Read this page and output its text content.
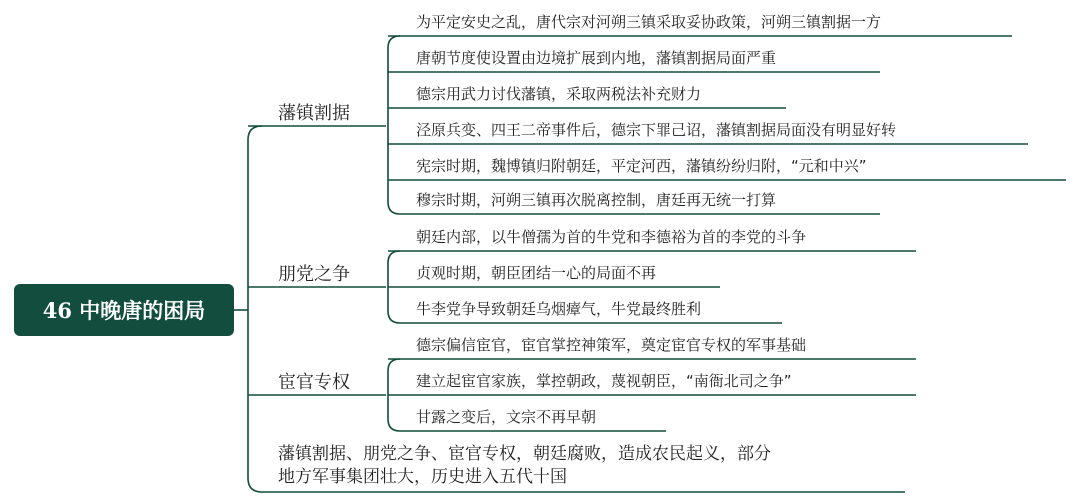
46 中晚唐的困局
藩镇割据
为平定安史之乱，唐代宗对河朔三镇采取妥协政策，河朔三镇割据一方
唐朝节度使设置由边境扩展到内地，藩镇割据局面严重
德宗用武力讨伐藩镇，采取两税法补充财力
泾原兵变、四王二帝事件后，德宗下罪己诏，藩镇割据局面没有明显好转
宪宗时期，魏博镇归附朝廷，平定河西，藩镇纷纷归附，“元和中兴”
穆宗时期，河朔三镇再次脱离控制，唐廷再无统一打算
朋党之争
朝廷内部，以牛僧孺为首的牛党和李德裕为首的李党的斗争
贞观时期，朝臣团结一心的局面不再
牛李党争导致朝廷乌烟瘴气，牛党最终胜利
宦官专权
德宗偏信宦官，宦官掌控神策军，奠定宦官专权的军事基础
建立起宦官家族，掌控朝政，蔑视朝臣，“南衙北司之争”
甘露之变后，文宗不再早朝
藩镇割据、朋党之争、宦官专权，朝廷腐败，造成农民起义，部分
地方军事集团壮大，历史进入五代十国
